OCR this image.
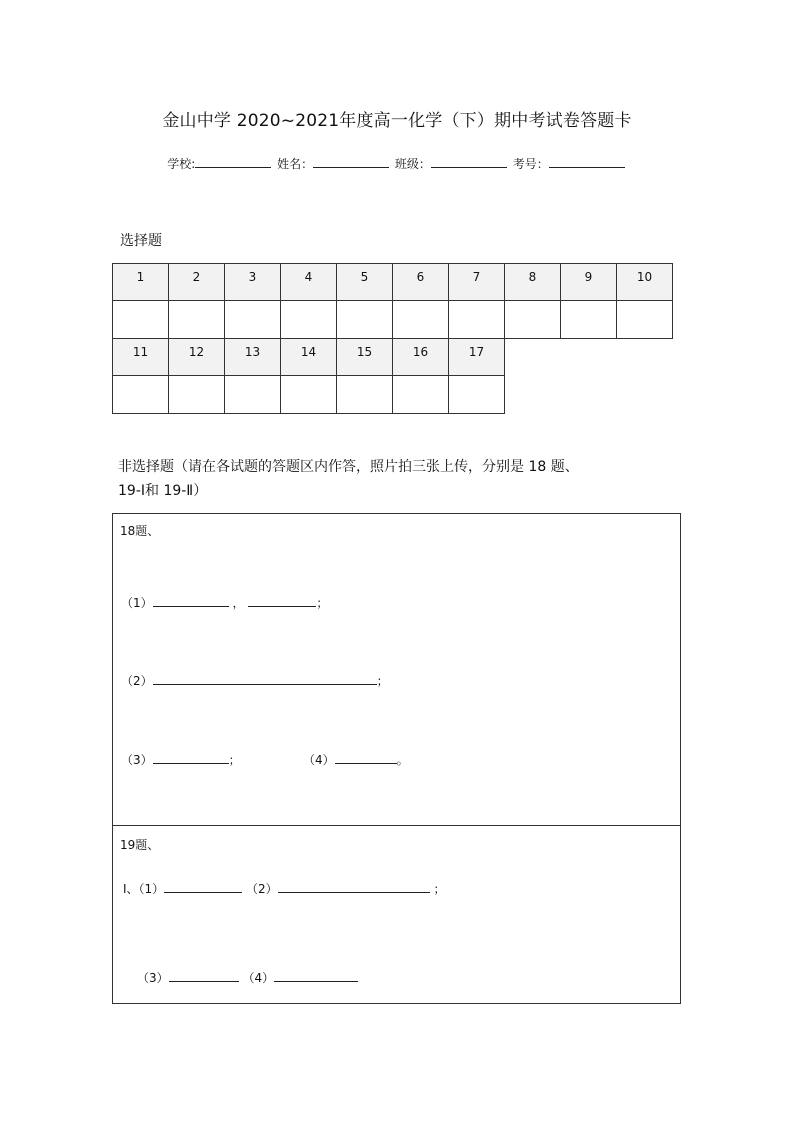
金山中学 2020~2021年度高一化学（下）期中考试卷答题卡
学校:	姓名：	班级：	考号：
选择题
1	2	3	4	5	6	7	8	9	10

11	12	13	14	15	16	17

非选择题（请在各试题的答题区内作答，照片拍三张上传，分别是 18 题、
19-Ⅰ和 19-Ⅱ）
18题、
（1）	，	；
（2）	；
（3）	；	（4）	。
19题、
Ⅰ、（1）	（2）	；
（3）	（4）
